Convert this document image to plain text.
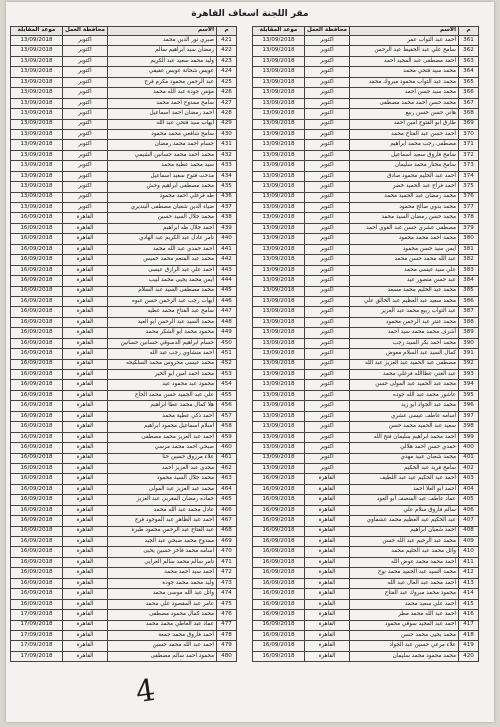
مقر اللجنة اسعاف القاهرة
م	الاسم	محافظة العمل	موعد المقابلة
361	أحمد عبد التواب عمر	اكتوبر	13/09/2018
362	سامح علي عبد الحفيظ عبد الرحمن	اكتوبر	13/09/2018
363	أحمد مصطفى عبد المجيد احمد	اكتوبر	13/09/2018
364	محمد سيد فتحي محمد	اكتوبر	13/09/2018
365	محمد عبد التواب محمود مبروك محمد	اكتوبر	13/09/2018
366	محمد سيد حسن احمد	اكتوبر	13/09/2018
367	محمد حسن احمد محمد مصطفى	اكتوبر	13/09/2018
368	هاني حسن حسن ربيع	اكتوبر	13/09/2018
369	طارق ابو الفتوح امين احمد	اكتوبر	13/09/2018
370	أحمد حسن عبد الفتاح محمد	اكتوبر	13/09/2018
371	مصطفى رجب محمد ابراهيم	اكتوبر	13/09/2018
372	سامح فاروق سعيد اسماعيل	اكتوبر	13/09/2018
373	سامح مختار محمد سليمان	اكتوبر	13/09/2018
374	أحمد عبد الحليم محمود صادق	اكتوبر	13/09/2018
375	أحمد فراج عبد الحميد خضر	اكتوبر	13/09/2018
376	محمد رمضان عبد الحميد محمد	اكتوبر	13/09/2018
377	محمد بدوي صالح محمود	اكتوبر	13/09/2018
378	محمد حسن رمضان السيد محمد	اكتوبر	13/09/2018
379	مصطفى عشري حسن عبد القوي احمد	اكتوبر	13/09/2018
380	محمد احمد محمد محمود	اكتوبر	13/09/2018
381	ايمن سيد حسن محمود	اكتوبر	13/09/2018
382	عبد الله محمد حسن محمد	اكتوبر	13/09/2018
383	علي سيد عيسى محمد	اكتوبر	13/09/2018
384	عبد حسن منصور عيد	اكتوبر	13/09/2018
385	محمد عبد الحليم محمد مسعد	اكتوبر	13/09/2018
386	محمد سعيد عبد العظيم عبد الخالق علي	اكتوبر	13/09/2018
387	عبد التواب ربيع محمد عبد العزيز	اكتوبر	13/09/2018
388	محمد عنتر عبد الرحمن محمود	اكتوبر	13/09/2018
389	أشرف محمد محمد سيد احمد	اكتوبر	13/09/2018
390	محمد احمد بكر السيد رجب	اكتوبر	13/09/2018
391	كمال السيد عبد السلام معوض	اكتوبر	13/09/2018
392	مصطفى عبد الحميد عبد العزيز عبد الله	اكتوبر	13/09/2018
393	عبد الغني عطاالله فرغلي محمد	اكتوبر	13/09/2018
394	محمد عبد الحميد عبد المولى حسن	اكتوبر	13/09/2018
395	عاشور محمد عبد الله جوده	اكتوبر	13/09/2018
396	محمد عبد الجواد ابو زيد	اكتوبر	13/09/2018
397	اسامه عاطف عيسى عشري	اكتوبر	13/09/2018
398	سعيد عبد الحميد محمد حسن	اكتوبر	13/09/2018
399	احمد محمد ابراهيم سليمان فتح الله	اكتوبر	13/09/2018
400	حمدي حسن احمد هلالي	اكتوبر	13/09/2018
401	محمد شعبان عبيد مهدي	اكتوبر	13/09/2018
402	سامح فريد عبد الحكيم	اكتوبر	13/09/2018
403	أحمد عبد الحكيم عيد عبد اللطيف	القاهرة	16/09/2018
404	احمد ابو العلا احمد	القاهرة	16/09/2018
405	عماد عاطف عبد المنصف ابو العود	القاهرة	16/09/2018
406	سالم فاروق سلام علي	القاهرة	16/09/2018
407	عبد الحكيم عبد العظيم محمد عشماوي	القاهرة	16/09/2018
408	احمد شعبان ابراهيم	القاهرة	16/09/2018
409	محمد عبد الرحيم عبد الله حسن	القاهرة	16/09/2018
410	وائل محمد عبد الحليم محمد	القاهرة	16/09/2018
411	أحمد محمد محمد عوض الله	القاهرة	16/09/2018
412	محمد السيد عبد الحميد محمد نوح	القاهرة	16/09/2018
413	احمد محمد عبد العال عبد الله	القاهرة	16/09/2018
414	محمود محمد مبروك عبد الفتاح	القاهرة	16/09/2018
415	احمد علي سعيد محمد	القاهرة	16/09/2018
416	احمد عبد الله محمد مطر	القاهرة	16/09/2018
417	احمد عبد المجيد سوقي محمود	القاهرة	16/09/2018
418	محمد يحيى محمد حسن	القاهرة	16/09/2018
419	علاء مرعي حسين عبد الجواد	القاهرة	16/09/2018
420	محمد محمود محمد سليمان	القاهرة	16/09/2018
م	الاسم	محافظة العمل	موعد المقابلة
421	صبري نور الدين محمد	اكتوبر	13/09/2018
422	رمضان سيد ابراهيم سالم	اكتوبر	13/09/2018
423	وليد محمد سعيد عبد الكريم	اكتوبر	13/09/2018
424	عويس شحاتة عويس عفيفي	اكتوبر	13/09/2018
425	عبد الرحمن محمود مكرم فرج	اكتوبر	13/09/2018
426	مؤمن جودة عبد الله محمد	اكتوبر	13/09/2018
427	سامح ممدوح احمد محمد	اكتوبر	13/09/2018
428	احمد رمضان احمد اسماعيل	اكتوبر	13/09/2018
429	ايهاب سيد فتحي عبد الله	اكتوبر	13/09/2018
430	سامح شافعي محمد محمود	اكتوبر	13/09/2018
431	حسام احمد محمد رمضان	اكتوبر	13/09/2018
432	محمد احمد محمد حسانين الشيمي	اكتوبر	13/09/2018
433	سيد محمد عطية محمد	اكتوبر	13/09/2018
434	مدحت فتوح سعيد اسماعيل	اكتوبر	13/09/2018
435	محمد مصطفى ابراهيم وحش	اكتوبر	13/09/2018
436	طه فرغلي احمد محمود	اكتوبر	13/09/2018
437	ضياء الدين شعبان مصطفى البنديري	اكتوبر	13/09/2018
438	محمد جلال السيد حسين	القاهرة	16/09/2018
439	احمد جلال طه ابراهيم	القاهرة	16/09/2018
440	تامر عادل عبد الكريم عبد الهادي	القاهرة	16/09/2018
441	احمد حمدي عبد الله محمد	القاهرة	16/09/2018
442	محمد عبد المنعم محمد خميس	القاهرة	16/09/2018
443	احمد علي عبد الرازق عيسى	القاهرة	16/09/2018
444	ايمن محمد يحيى محمد لبيب	القاهرة	16/09/2018
445	محمد مصطفى السيد عبد السلام	القاهرة	16/09/2018
446	ايهاب رجب عبد الرحمن حسن عبوه	القاهرة	16/09/2018
447	سامح عبد الفتاح محمد عطيه	القاهرة	16/09/2018
448	محمد السيد عبد الرحمن ابو العيد	القاهرة	16/09/2018
449	محمود محمد ابو الشكر محمد	القاهرة	16/09/2018
450	حسام ابراهيم الدسوقي حسانين حسانين	القاهرة	16/09/2018
451	احمد منشاوي رجب عبد الله	القاهرة	16/09/2018
452	محمد عيسى محروس محمد السلكيحه	القاهرة	16/09/2018
453	محمد احمد امين ابو الخير	القاهرة	16/09/2018
454	محمود عبد محمود عيد	القاهرة	16/09/2018
455	علي عبد الحميد حسن محمد الحاج	القاهرة	16/09/2018
456	هلا كمال محمد عطا ابراهيم	القاهرة	16/09/2018
457	احمد ذكي عطية محمد	القاهرة	16/09/2018
458	اسلام اسماعيل محمود ابراهيم	القاهرة	16/09/2018
459	احمد عبد العزيز محمد مصطفى	القاهرة	16/09/2018
460	صبحي احمد محمد مرسي	القاهرة	16/09/2018
461	علاء مرزوق حسين حنا	القاهرة	16/09/2018
462	مجدي عبد العزيز احمد	القاهرة	16/09/2018
463	محمد جلال السيد محمود	القاهرة	16/09/2018
464	محمد عبد العزيز عبد المولى	القاهرة	16/09/2018
465	حماده رمضان المغربي عبد العزيز	القاهرة	16/09/2018
466	عادل محمد عبد الله محمد	القاهرة	16/09/2018
467	احمد عبد الظاهر عبد الموجود فرج	القاهرة	16/09/2018
468	عبد الفتاح عبد الرحمن محمود طبرة	القاهرة	16/09/2018
469	ممدوح محمد صبحي عبد الجيد	القاهرة	16/09/2018
470	اسامه محمد فاخر حسين يحيى	القاهرة	16/09/2018
471	تامر سالم محمد سالم العرايي	القاهرة	16/09/2018
472	احمد سيد احمد محمد	القاهرة	16/09/2018
473	وليد محمد محمد جودة	القاهرة	16/09/2018
474	وائل عبد الله موسى محمد	القاهرة	16/09/2018
475	عامر عبد المقصود علي محمد	القاهرة	16/09/2018
476	محمد كمال محمود مصطفى	القاهرة	17/09/2018
477	عماد عبد العاطي محمد محمد	القاهرة	17/09/2018
478	احمد فاروق محمد جمعة	القاهرة	17/09/2018
479	احمد عبد الله محمد حسين	القاهرة	17/09/2018
480	محمود احمد سالم مصطفى	القاهرة	17/09/2018
4
